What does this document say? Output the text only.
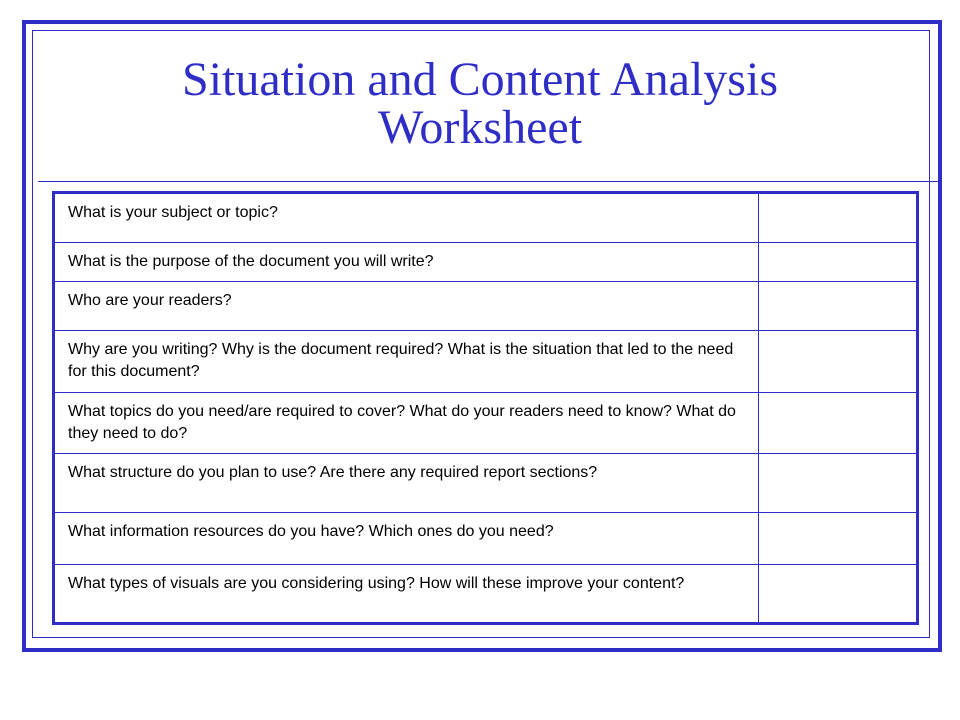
Situation and Content Analysis
Worksheet
What is your subject or topic?	
What is the purpose of the document you will write?	
Who are your readers?	
Why are you writing? Why is the document required? What is the situation that led to the need for this document?	
What topics do you need/are required to cover? What do your readers need to know? What do they need to do?	
What structure do you plan to use? Are there any required report sections?	
What information resources do you have? Which ones do you need?	
What types of visuals are you considering using? How will these improve your content?	
